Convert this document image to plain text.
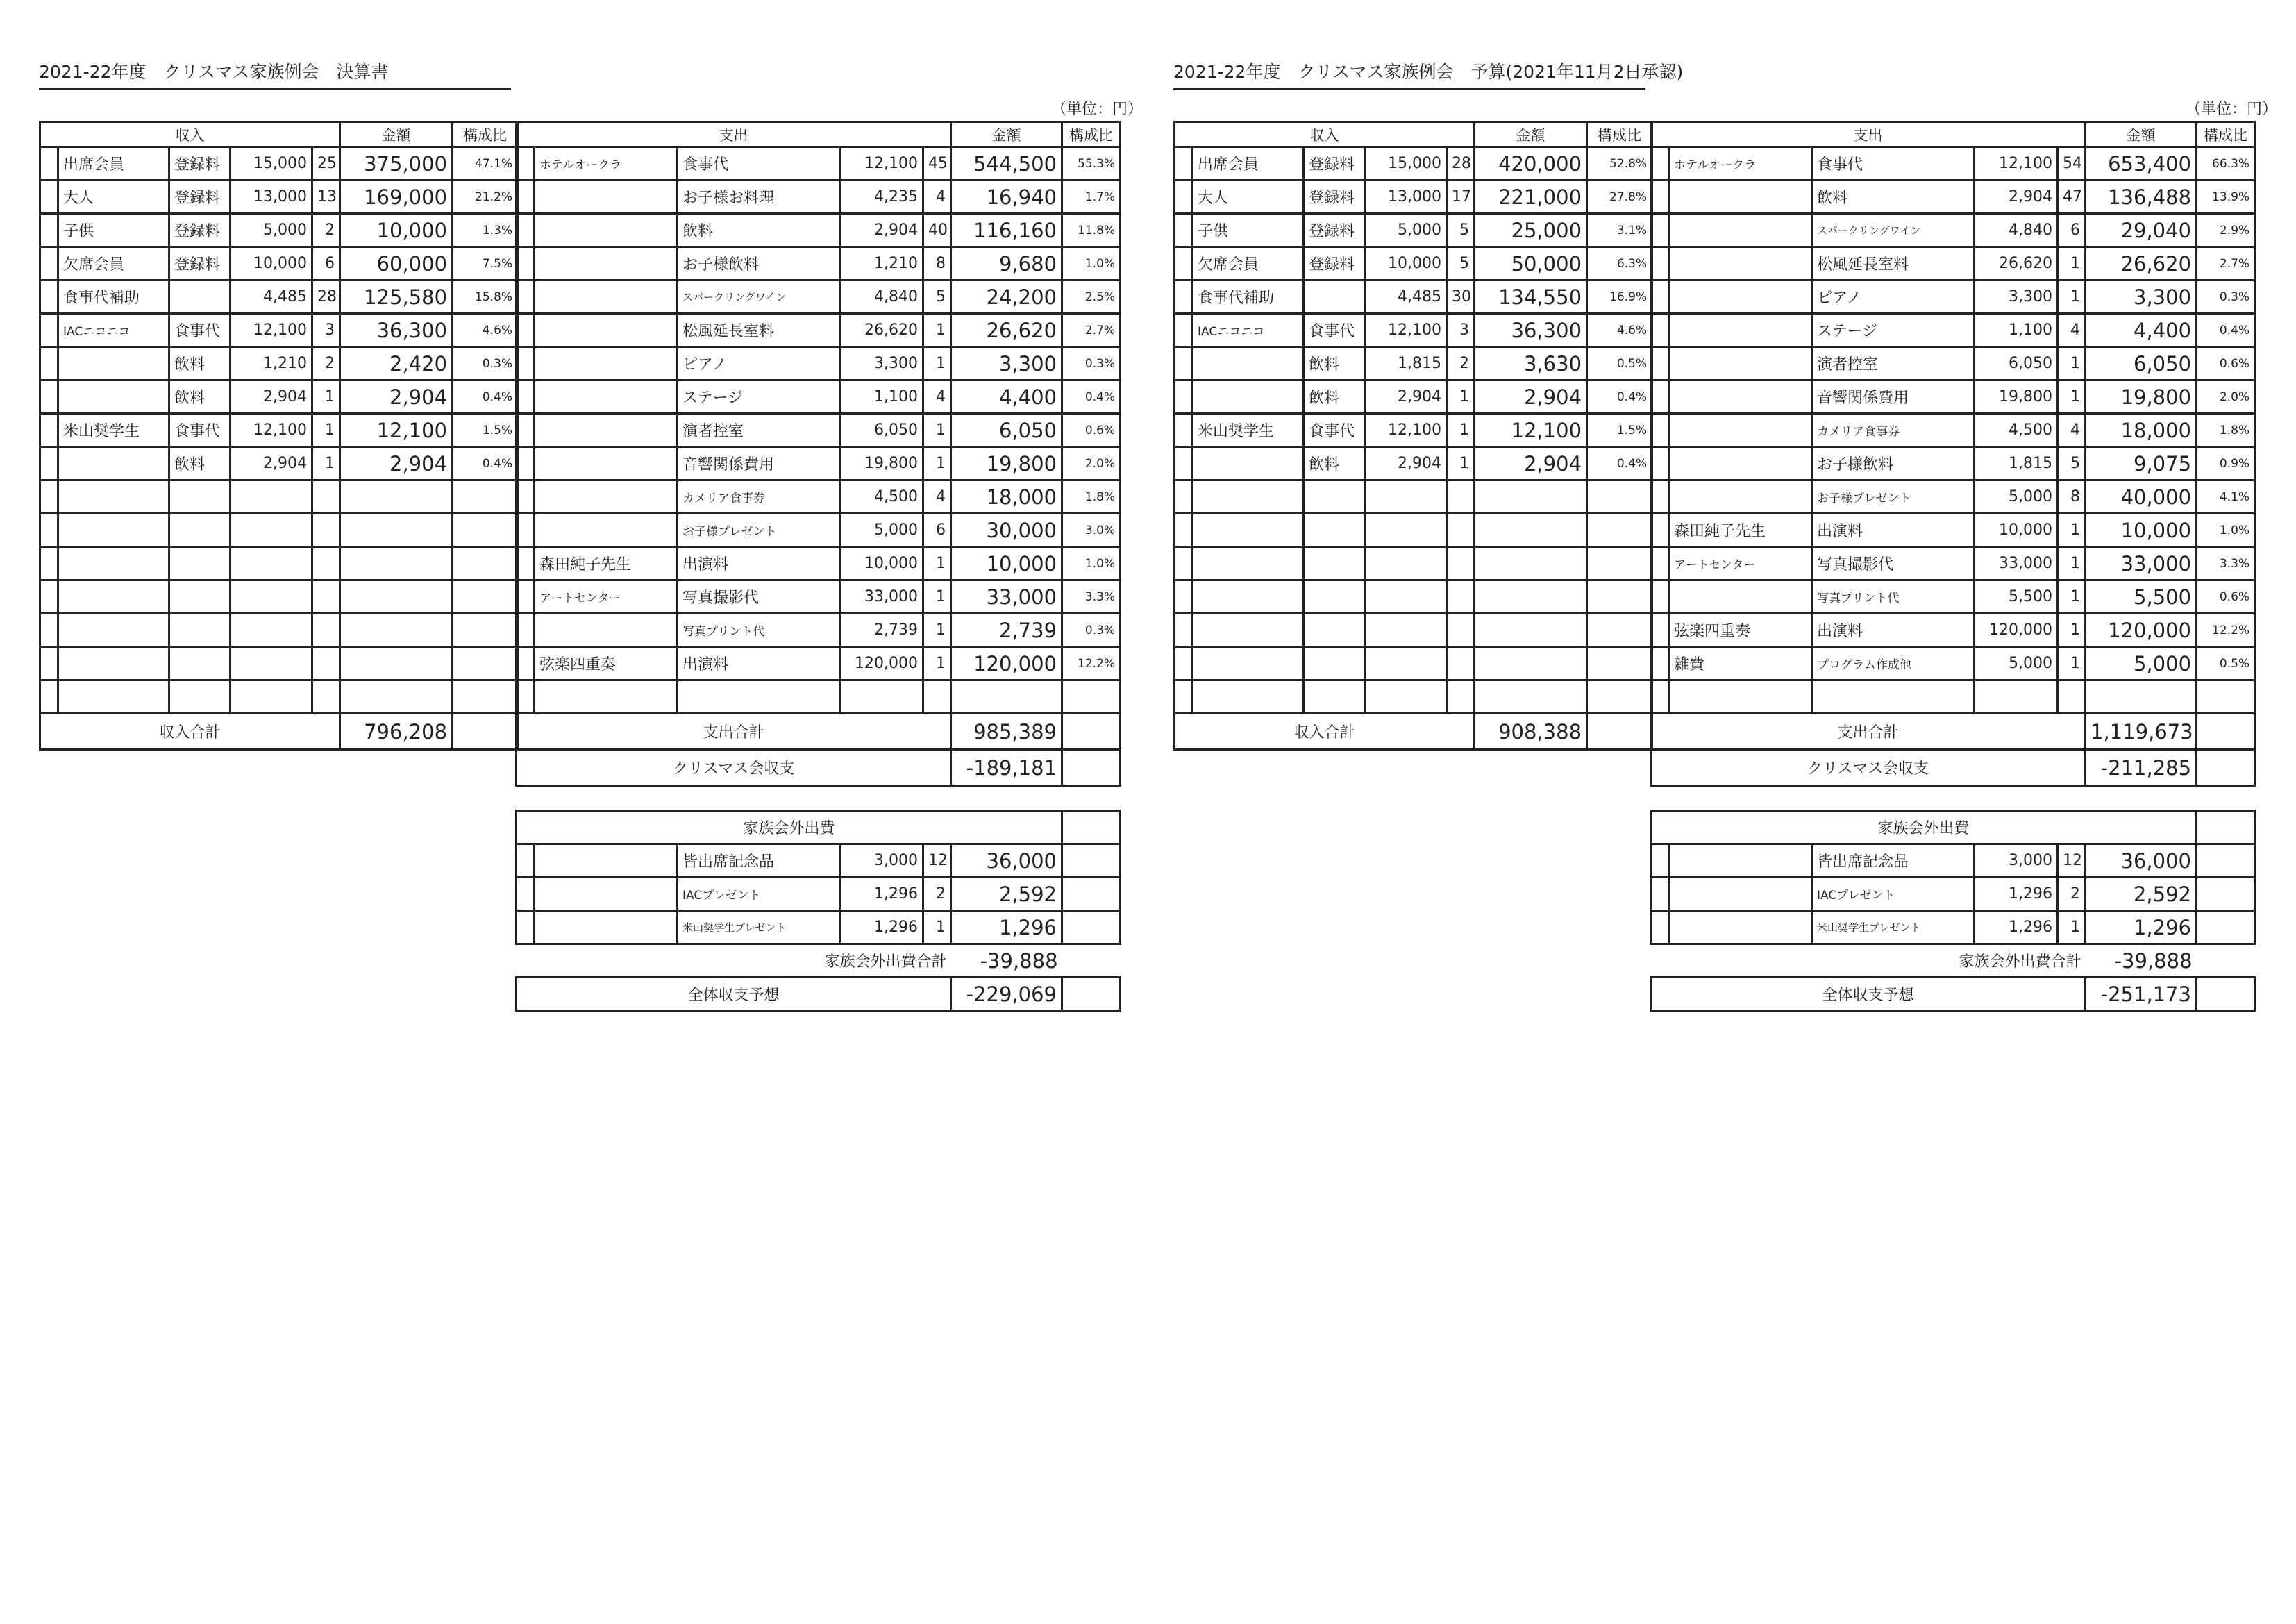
2021-22年度　クリスマス家族例会　決算書
（単位：円）
収入					金額	構成比
	出席会員	登録料	15,000	25	375,000	47.1%
	大人	登録料	13,000	13	169,000	21.2%
	子供	登録料	5,000	2	10,000	1.3%
	欠席会員	登録料	10,000	6	60,000	7.5%
	食事代補助		4,485	28	125,580	15.8%
	IACニコニコ	食事代	12,100	3	36,300	4.6%
		飲料	1,210	2	2,420	0.3%
		飲料	2,904	1	2,904	0.4%
	米山奨学生	食事代	12,100	1	12,100	1.5%
		飲料	2,904	1	2,904	0.4%

収入合計					796,208	
支出					金額	構成比
	ホテルオークラ	食事代	12,100	45	544,500	55.3%
		お子様お料理	4,235	4	16,940	1.7%
		飲料	2,904	40	116,160	11.8%
		お子様飲料	1,210	8	9,680	1.0%
		スパークリングワイン	4,840	5	24,200	2.5%
		松風延長室料	26,620	1	26,620	2.7%
		ピアノ	3,300	1	3,300	0.3%
		ステージ	1,100	4	4,400	0.4%
		演者控室	6,050	1	6,050	0.6%
		音響関係費用	19,800	1	19,800	2.0%
		カメリア食事券	4,500	4	18,000	1.8%
		お子様プレゼント	5,000	6	30,000	3.0%
	森田純子先生	出演料	10,000	1	10,000	1.0%
	アートセンター	写真撮影代	33,000	1	33,000	3.3%
		写真プリント代	2,739	1	2,739	0.3%
	弦楽四重奏	出演料	120,000	1	120,000	12.2%

支出合計					985,389	
クリスマス会収支					-189,181	
家族会外出費						
		皆出席記念品	3,000	12	36,000	
		IACプレゼント	1,296	2	2,592	
		米山奨学生プレゼント	1,296	1	1,296	
家族会外出費合計					-39,888	
全体収支予想					-229,069	
2021-22年度　クリスマス家族例会　予算(2021年11月2日承認)
（単位：円）
収入					金額	構成比
	出席会員	登録料	15,000	28	420,000	52.8%
	大人	登録料	13,000	17	221,000	27.8%
	子供	登録料	5,000	5	25,000	3.1%
	欠席会員	登録料	10,000	5	50,000	6.3%
	食事代補助		4,485	30	134,550	16.9%
	IACニコニコ	食事代	12,100	3	36,300	4.6%
		飲料	1,815	2	3,630	0.5%
		飲料	2,904	1	2,904	0.4%
	米山奨学生	食事代	12,100	1	12,100	1.5%
		飲料	2,904	1	2,904	0.4%

収入合計					908,388	
支出					金額	構成比
	ホテルオークラ	食事代	12,100	54	653,400	66.3%
		飲料	2,904	47	136,488	13.9%
		スパークリングワイン	4,840	6	29,040	2.9%
		松風延長室料	26,620	1	26,620	2.7%
		ピアノ	3,300	1	3,300	0.3%
		ステージ	1,100	4	4,400	0.4%
		演者控室	6,050	1	6,050	0.6%
		音響関係費用	19,800	1	19,800	2.0%
		カメリア食事券	4,500	4	18,000	1.8%
		お子様飲料	1,815	5	9,075	0.9%
		お子様プレゼント	5,000	8	40,000	4.1%
	森田純子先生	出演料	10,000	1	10,000	1.0%
	アートセンター	写真撮影代	33,000	1	33,000	3.3%
		写真プリント代	5,500	1	5,500	0.6%
	弦楽四重奏	出演料	120,000	1	120,000	12.2%
	雑費	プログラム作成他	5,000	1	5,000	0.5%

支出合計					1,119,673	
クリスマス会収支					-211,285	
家族会外出費						
		皆出席記念品	3,000	12	36,000	
		IACプレゼント	1,296	2	2,592	
		米山奨学生プレゼント	1,296	1	1,296	
家族会外出費合計					-39,888	
全体収支予想					-251,173	
